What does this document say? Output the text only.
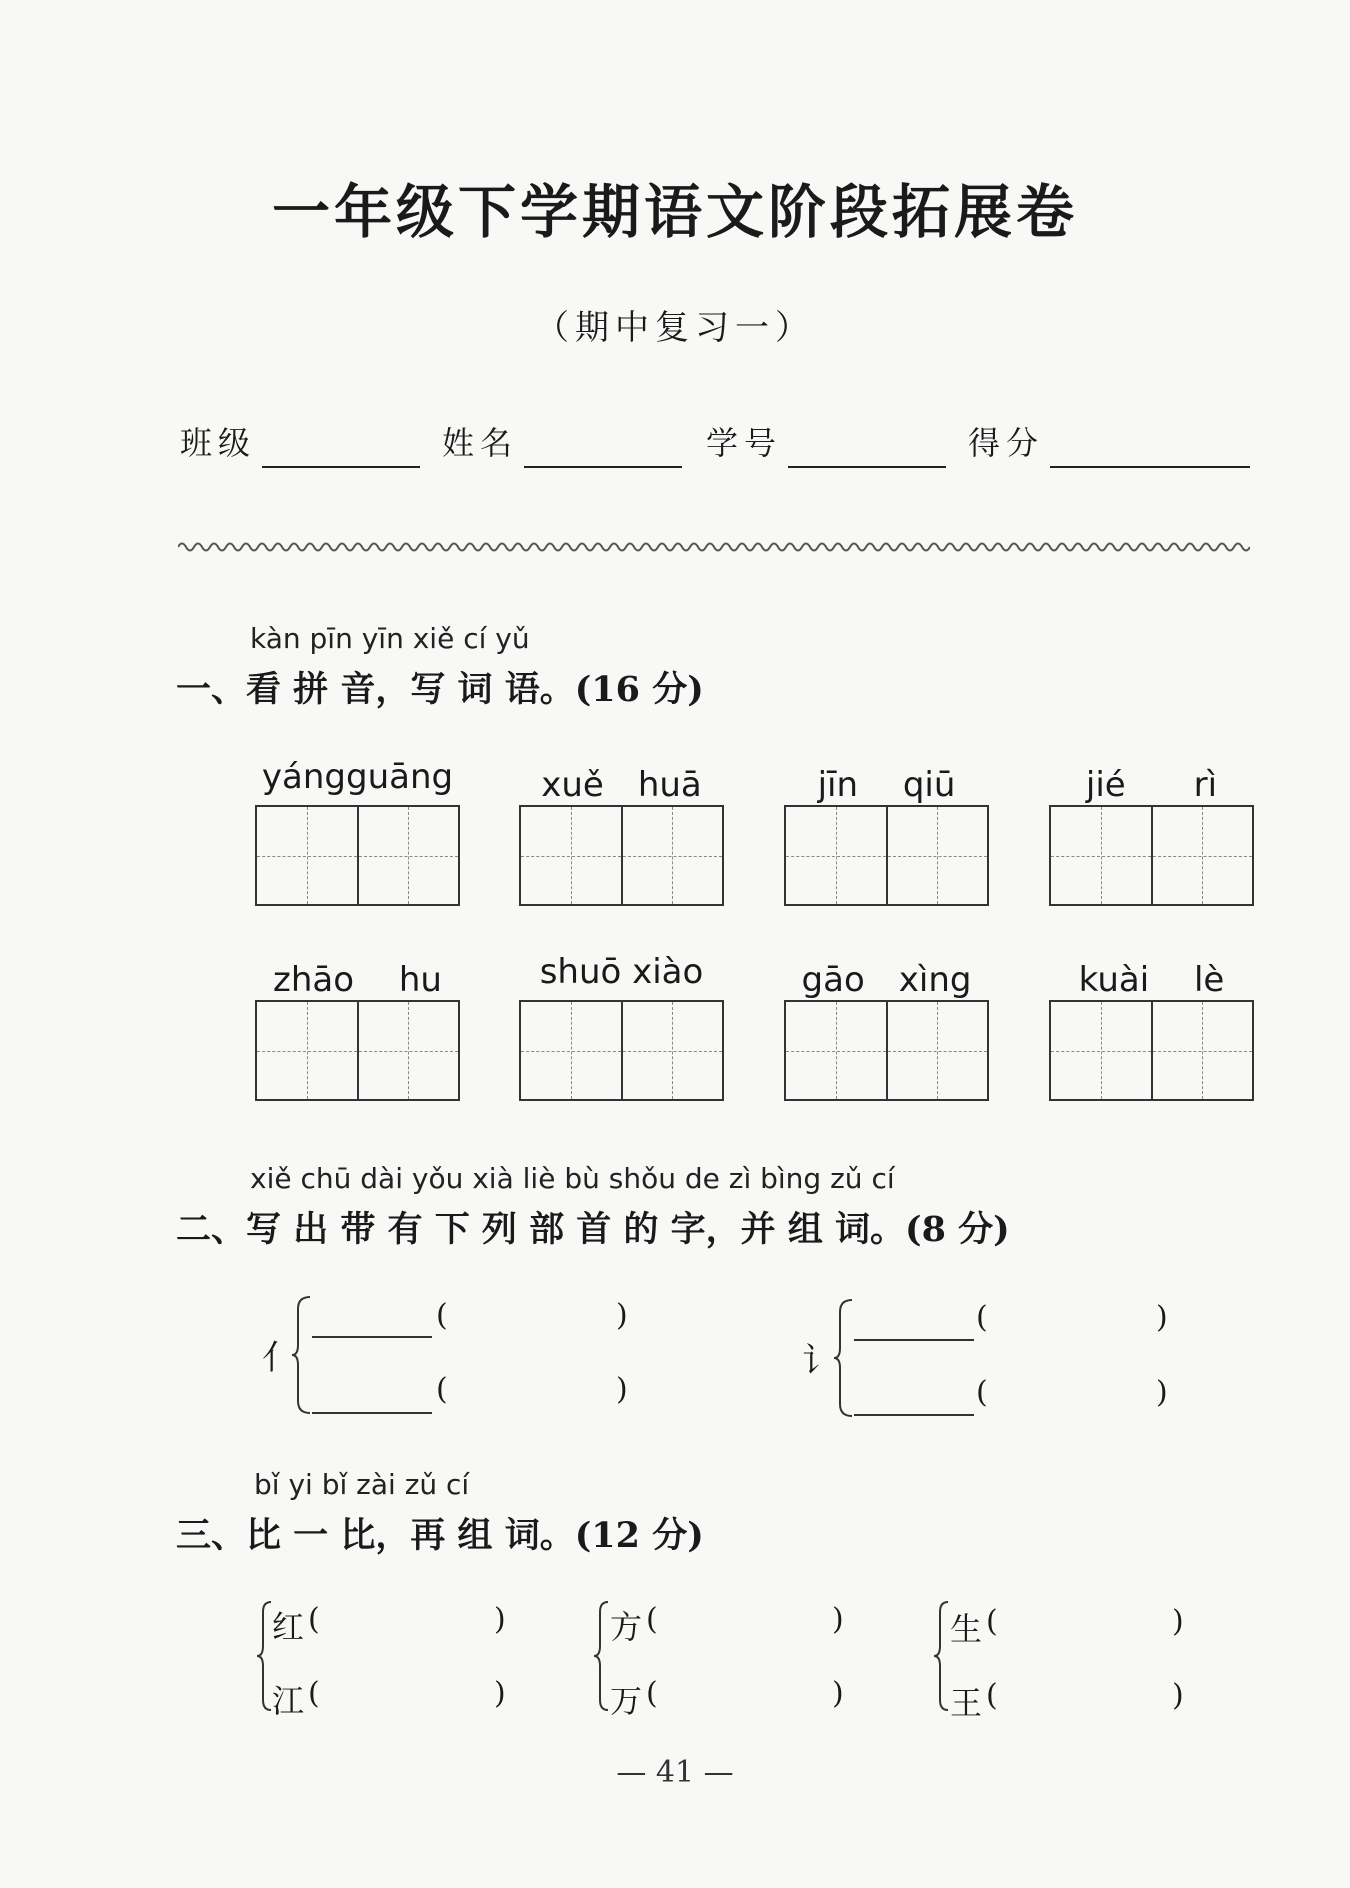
一年级下学期语文阶段拓展卷
（期中复习一）
班级	姓名	学号	得分
kàn pīn yīn xiě cí yǔ
一、看 拼 音，写 词 语。(16 分)
yángguāng	xuě　huā	jīn　 qiū	jié　　rì
zhāo　 hu	shuō xiào	gāo　xìng	kuài　 lè
xiě chū dài yǒu xià liè bù shǒu de zì bìng zǔ cí
二、写 出 带 有 下 列 部 首 的 字，并 组 词。(8 分)
亻
(	)
(	)
讠
(	)
(	)
bǐ yi bǐ zài zǔ cí
三、比 一 比，再 组 词。(12 分)
红 (	)
江 (	)
方 (	)
万 (	)
生 (	)
王 (	)
— 41 —
